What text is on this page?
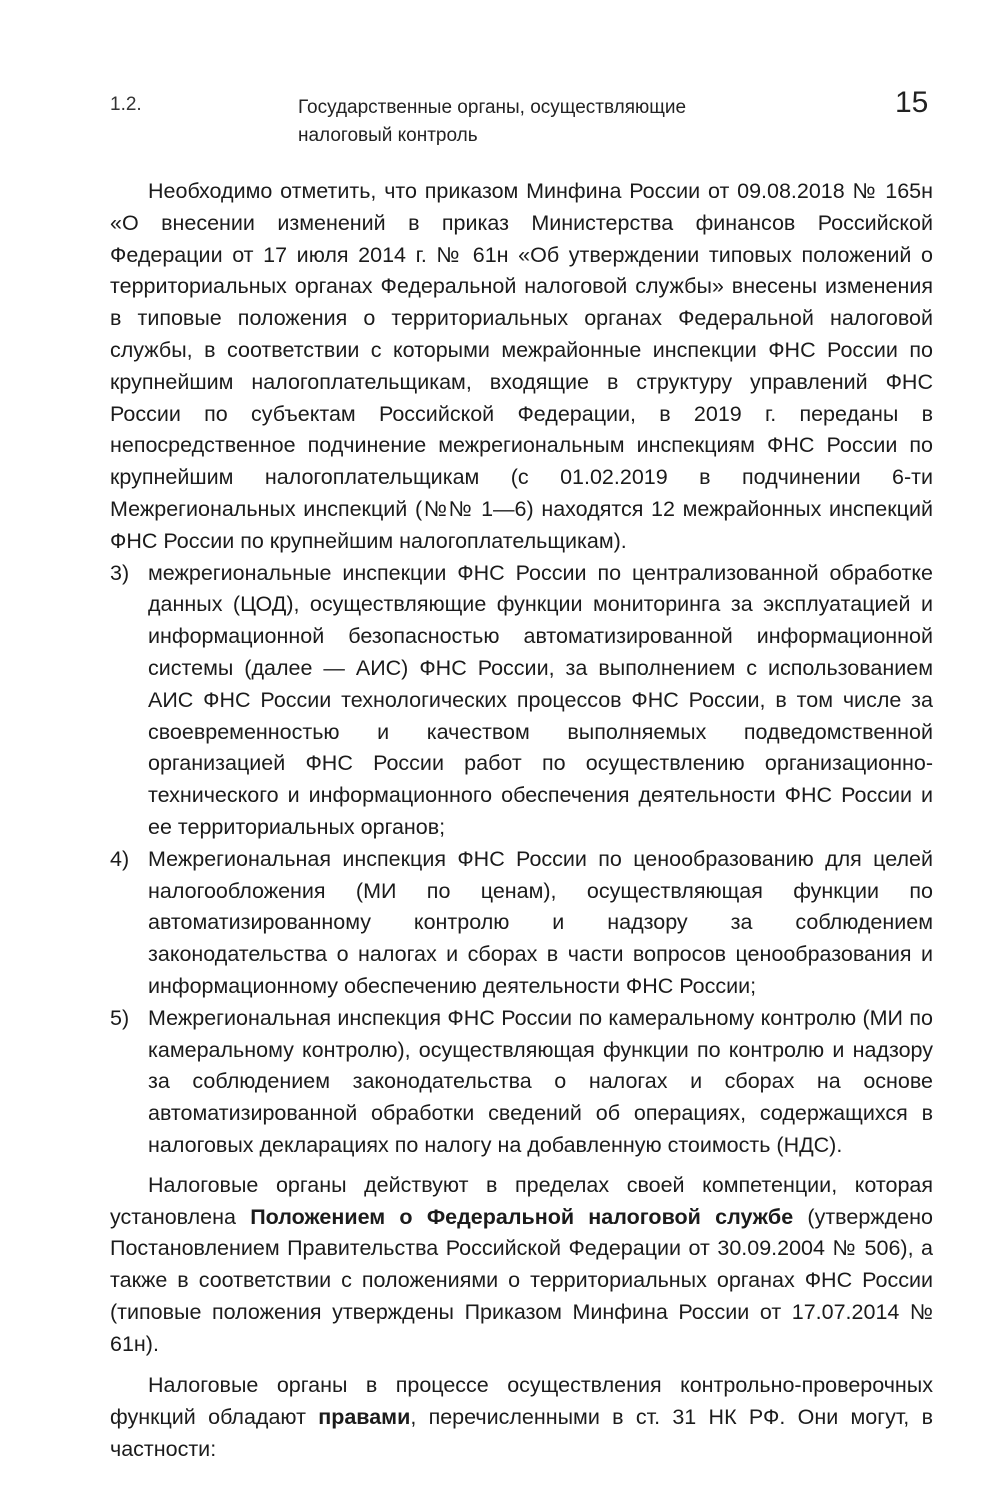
1.2.	Государственные органы, осуществляющие
налоговый контроль
15

Необходимо отметить, что приказом Минфина России от 09.08.2018 № 165н «О внесении изменений в приказ Министерства финансов Российской Федерации от 17 июля 2014 г. № 61н «Об утверждении типовых положений о территориальных органах Федеральной налоговой службы» внесены изменения в типовые положения о территориальных органах Федеральной налоговой службы, в соответствии с которыми межрайонные инспекции ФНС России по крупнейшим налогоплательщикам, входящие в структуру управлений ФНС России по субъектам Российской Федерации, в 2019 г. переданы в непосредственное подчинение межрегиональным инспекциям ФНС России по крупнейшим налогоплательщикам (с 01.02.2019 в подчинении 6-ти Межрегиональных инспекций (№№ 1—6) находятся 12 межрайонных инспекций ФНС России по крупнейшим налогоплательщикам).

3) межрегиональные инспекции ФНС России по централизованной обработке данных (ЦОД), осуществляющие функции мониторинга за эксплуатацией и информационной безопасностью автоматизированной информационной системы (далее — АИС) ФНС России, за выполнением с использованием АИС ФНС России технологических процессов ФНС России, в том числе за своевременностью и качеством выполняемых подведомственной организацией ФНС России работ по осуществлению организационно-технического и информационного обеспечения деятельности ФНС России и ее территориальных органов;

4) Межрегиональная инспекция ФНС России по ценообразованию для целей налогообложения (МИ по ценам), осуществляющая функции по автоматизированному контролю и надзору за соблюдением законодательства о налогах и сборах в части вопросов ценообразования и информационному обеспечению деятельности ФНС России;

5) Межрегиональная инспекция ФНС России по камеральному контролю (МИ по камеральному контролю), осуществляющая функции по контролю и надзору за соблюдением законодательства о налогах и сборах на основе автоматизированной обработки сведений об операциях, содержащихся в налоговых декларациях по налогу на добавленную стоимость (НДС).

Налоговые органы действуют в пределах своей компетенции, которая установлена Положением о Федеральной налоговой службе (утверждено Постановлением Правительства Российской Федерации от 30.09.2004 № 506), а также в соответствии с положениями о территориальных органах ФНС России (типовые положения утверждены Приказом Минфина России от 17.07.2014 № 61н).

Налоговые органы в процессе осуществления контрольно-проверочных функций обладают правами, перечисленными в ст. 31 НК РФ. Они могут, в частности:
